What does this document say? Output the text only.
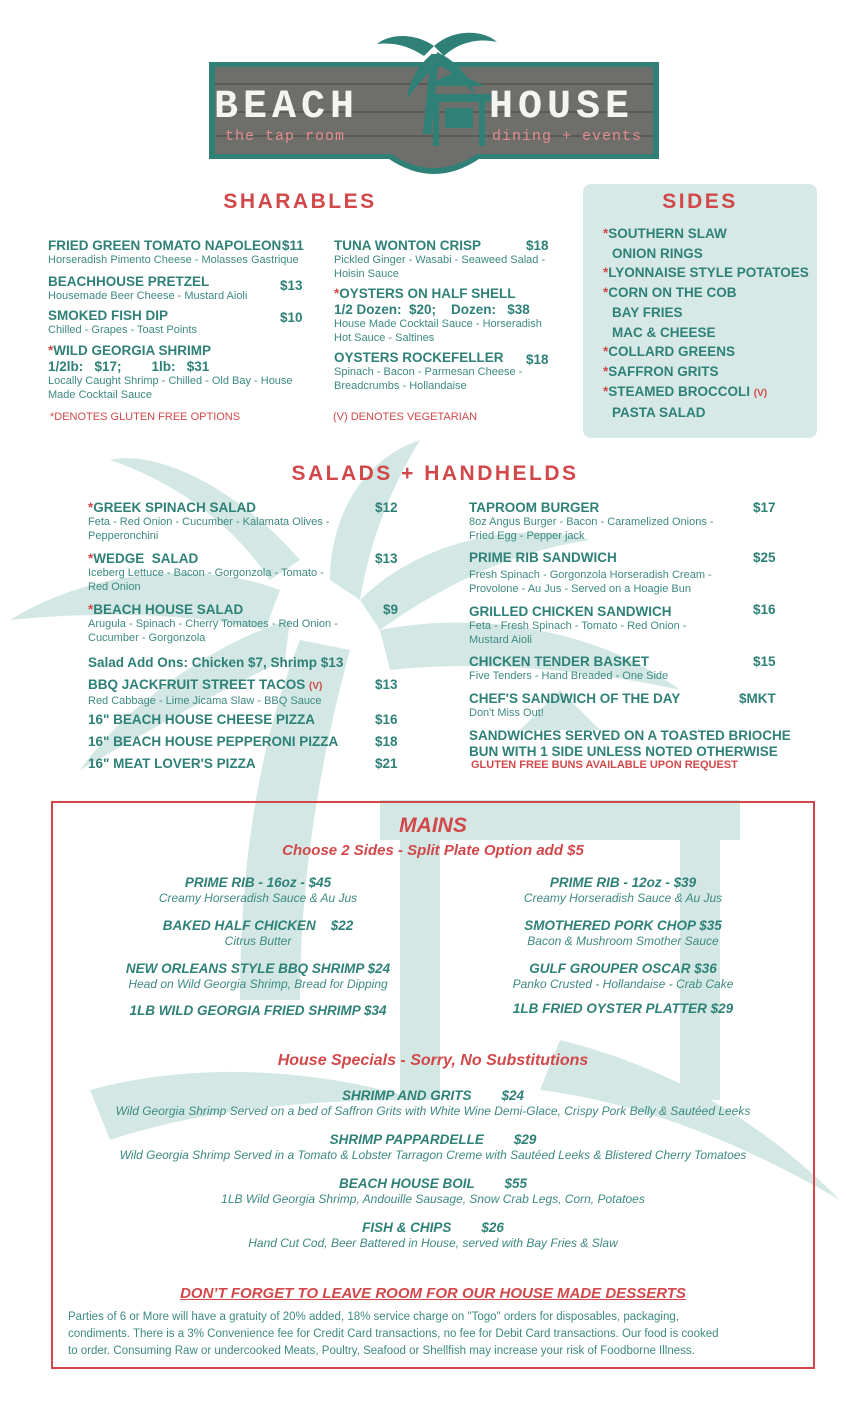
BEACH	HOUSE
the tap room	dining + events
SHARABLES
FRIED GREEN TOMATO NAPOLEON $11
Horseradish Pimento Cheese - Molasses Gastrique
BEACHHOUSE PRETZEL	$13
Housemade Beer Cheese - Mustard Aioli
SMOKED FISH DIP	$10
Chilled - Grapes - Toast Points
*WILD GEORGIA SHRIMP
1/2lb:   $17;        1lb:   $31
Locally Caught Shrimp - Chilled - Old Bay - House
Made Cocktail Sauce
*DENOTES GLUTEN FREE OPTIONS
TUNA WONTON CRISP	$18
Pickled Ginger - Wasabi - Seaweed Salad -
Hoisin Sauce
*OYSTERS ON HALF SHELL
1/2 Dozen:  $20;    Dozen:   $38
House Made Cocktail Sauce - Horseradish
Hot Sauce - Saltines
OYSTERS ROCKEFELLER	$18
Spinach - Bacon - Parmesan Cheese -
Breadcrumbs - Hollandaise
(V) DENOTES VEGETARIAN
SIDES
*SOUTHERN SLAW
ONION RINGS
*LYONNAISE STYLE POTATOES
*CORN ON THE COB
BAY FRIES
MAC & CHEESE
*COLLARD GREENS
*SAFFRON GRITS
*STEAMED BROCCOLI (V)
PASTA SALAD
SALADS + HANDHELDS
*GREEK SPINACH SALAD	$12
Feta - Red Onion - Cucumber - Kalamata Olives -
Pepperonchini
*WEDGE  SALAD	$13
Iceberg Lettuce - Bacon - Gorgonzola - Tomato -
Red Onion
*BEACH HOUSE SALAD	$9
Arugula - Spinach - Cherry Tomatoes - Red Onion -
Cucumber - Gorgonzola
Salad Add Ons: Chicken $7, Shrimp $13
BBQ JACKFRUIT STREET TACOS (V)	$13
Red Cabbage - Lime Jicama Slaw - BBQ Sauce
16" BEACH HOUSE CHEESE PIZZA	$16
16" BEACH HOUSE PEPPERONI PIZZA	$18
16" MEAT LOVER'S PIZZA	$21
TAPROOM BURGER	$17
8oz Angus Burger - Bacon - Caramelized Onions -
Fried Egg - Pepper jack
PRIME RIB SANDWICH	$25
Fresh Spinach - Gorgonzola Horseradish Cream -
Provolone - Au Jus - Served on a Hoagie Bun
GRILLED CHICKEN SANDWICH	$16
Feta - Fresh Spinach - Tomato - Red Onion -
Mustard Aioli
CHICKEN TENDER BASKET	$15
Five Tenders - Hand Breaded - One Side
CHEF'S SANDWICH OF THE DAY	$MKT
Don't Miss Out!
SANDWICHES SERVED ON A TOASTED BRIOCHE
BUN WITH 1 SIDE UNLESS NOTED OTHERWISE
GLUTEN FREE BUNS AVAILABLE UPON REQUEST
MAINS
Choose 2 Sides - Split Plate Option add $5
PRIME RIB - 16oz - $45
Creamy Horseradish Sauce & Au Jus
BAKED HALF CHICKEN    $22
Citrus Butter
NEW ORLEANS STYLE BBQ SHRIMP $24
Head on Wild Georgia Shrimp, Bread for Dipping
1LB WILD GEORGIA FRIED SHRIMP $34
PRIME RIB - 12oz - $39
Creamy Horseradish Sauce & Au Jus
SMOTHERED PORK CHOP $35
Bacon & Mushroom Smother Sauce
GULF GROUPER OSCAR $36
Panko Crusted - Hollandaise - Crab Cake
1LB FRIED OYSTER PLATTER $29
House Specials - Sorry, No Substitutions
SHRIMP AND GRITS        $24
Wild Georgia Shrimp Served on a bed of Saffron Grits with White Wine Demi-Glace, Crispy Pork Belly & Sautéed Leeks
SHRIMP PAPPARDELLE        $29
Wild Georgia Shrimp Served in a Tomato & Lobster Tarragon Creme with Sautéed Leeks & Blistered Cherry Tomatoes
BEACH HOUSE BOIL        $55
1LB Wild Georgia Shrimp, Andouille Sausage, Snow Crab Legs, Corn, Potatoes
FISH & CHIPS        $26
Hand Cut Cod, Beer Battered in House, served with Bay Fries & Slaw
DON’T FORGET TO LEAVE ROOM FOR OUR HOUSE MADE DESSERTS
Parties of 6 or More will have a gratuity of 20% added, 18% service charge on "Togo" orders for disposables, packaging,
condiments. There is a 3% Convenience fee for Credit Card transactions, no fee for Debit Card transactions. Our food is cooked
to order. Consuming Raw or undercooked Meats, Poultry, Seafood or Shellfish may increase your risk of Foodborne Illness.
